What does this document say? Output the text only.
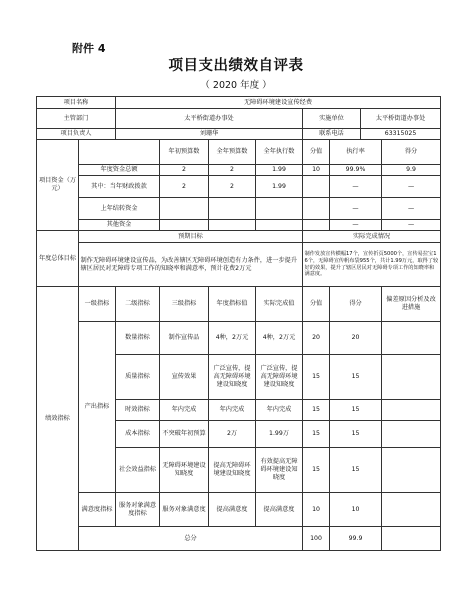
附件 4
项目支出绩效自评表
（ 2020 年度 ）
项目名称		无障碍环境建设宣传经费							
主管部门		太平桥街道办事处				实施单位		太平桥街道办事处	
项目负责人		刘珊华				联系电话		63315025	
项目资金（万元）			年初预算数	全年预算数	全年执行数	分值	执行率		得分
	年度资金总额		2	2	1.99	10	99.9%		9.9
	其中：当年财政拨款		2	2	1.99		—		—
	上年结转资金						—		—
	其他资金						—		—
年度总体目标	预期目标					实际完成情况			
	制作无障碍环境建设宣传品，为改善辖区无障碍环境创造有力条件，进一步提升辖区居民对无障碍专项工作的知晓率和满意率，预计花费2万元					制作发放宣传横幅17个，宣传折页5000个，宣传易拉宝16个，无障碍宣传帆布袋955个，共计1.99万元，取得了较好的效果，提升了辖区居民对无障碍专项工作的知晓率和满意度。			
绩效指标	一级指标	二级指标	三级指标	年度指标值	实际完成值	分值	得分		偏差原因分析及改进措施
	产出指标	数量指标	制作宣传品	4种，2万元	4种，2万元	20	20		
		质量指标	宣传效果	广泛宣传，提高无障碍环境建设知晓度	广泛宣传，提高无障碍环境建设知晓度	15	15		
		时效指标	年内完成	年内完成	年内完成	15	15		
		成本指标	不突破年初预算	2万	1.99万	15	15		
		社会效益指标	无障碍环境建设知晓度	提高无障碍环境建设知晓度	有效提高无障碍环境建设知晓度	15	15		
	满意度指标	服务对象满意度指标	服务对象满意度	提高满意度	提高满意度	10	10		
	总分					100	99.9		
